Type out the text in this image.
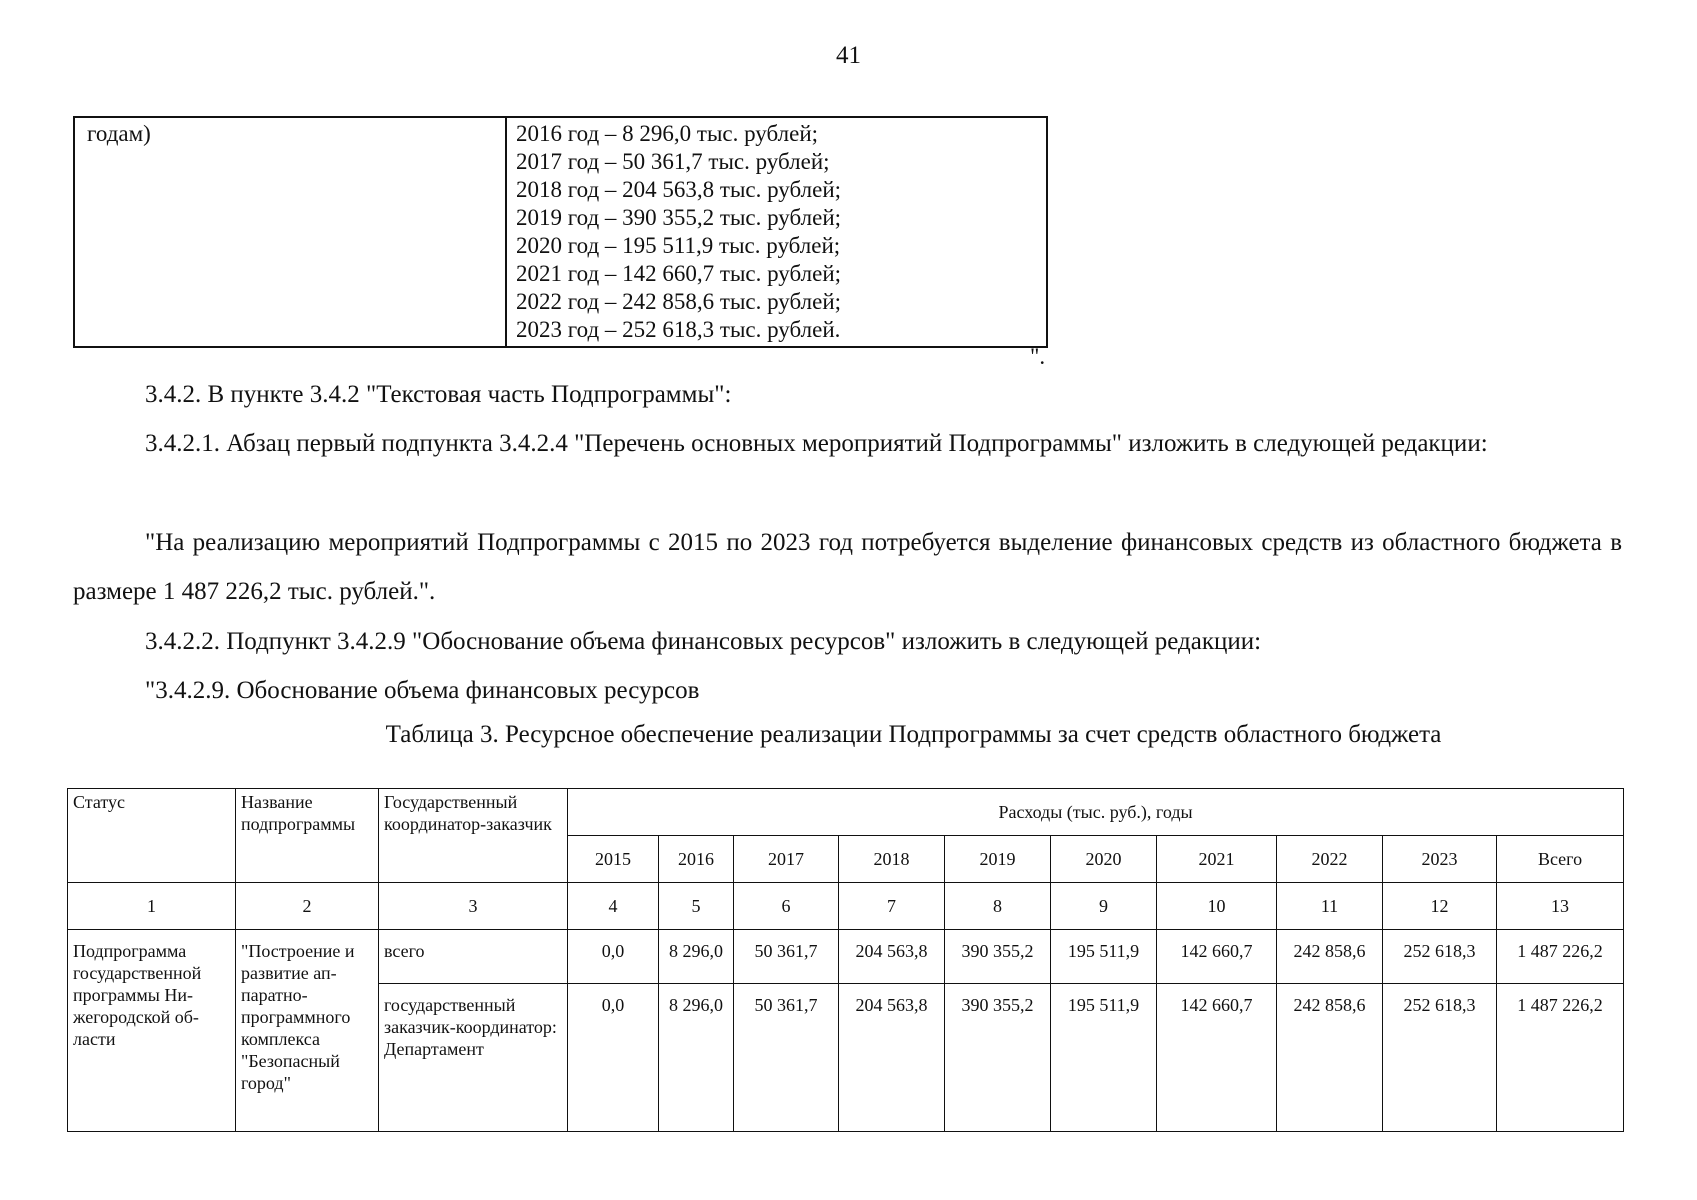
41
годам)	2016 год – 8 296,0 тыс. рублей;
2017 год – 50 361,7 тыс. рублей;
2018 год – 204 563,8 тыс. рублей;
2019 год – 390 355,2 тыс. рублей;
2020 год – 195 511,9 тыс. рублей;
2021 год – 142 660,7 тыс. рублей;
2022 год – 242 858,6 тыс. рублей;
2023 год – 252 618,3 тыс. рублей.
".
3.4.2. В пункте 3.4.2 "Текстовая часть Подпрограммы":
3.4.2.1. Абзац первый подпункта 3.4.2.4 "Перечень основных мероприятий Подпрограммы" изложить в следующей редакции:
"На реализацию мероприятий Подпрограммы с 2015 по 2023 год потребуется выделение финансовых средств из областного бюджета в размере 1 487 226,2 тыс. рублей.".
3.4.2.2. Подпункт 3.4.2.9 "Обоснование объема финансовых ресурсов" изложить в следующей редакции:
"3.4.2.9. Обоснование объема финансовых ресурсов
Таблица 3. Ресурсное обеспечение реализации Подпрограммы за счет средств областного бюджета
Статус	Название подпрограммы	Государственный координатор-заказчик	Расходы (тыс. руб.), годы									
			2015	2016	2017	2018	2019	2020	2021	2022	2023	Всего
1	2	3	4	5	6	7	8	9	10	11	12	13
Подпрограмма государственной программы Ни-жегородской об-ласти	"Построение и развитие ап-паратно-программного комплекса "Безопасный город"	всего	0,0	8 296,0	50 361,7	204 563,8	390 355,2	195 511,9	142 660,7	242 858,6	252 618,3	1 487 226,2
		государственный заказчик-координатор: Департамент	0,0	8 296,0	50 361,7	204 563,8	390 355,2	195 511,9	142 660,7	242 858,6	252 618,3	1 487 226,2
